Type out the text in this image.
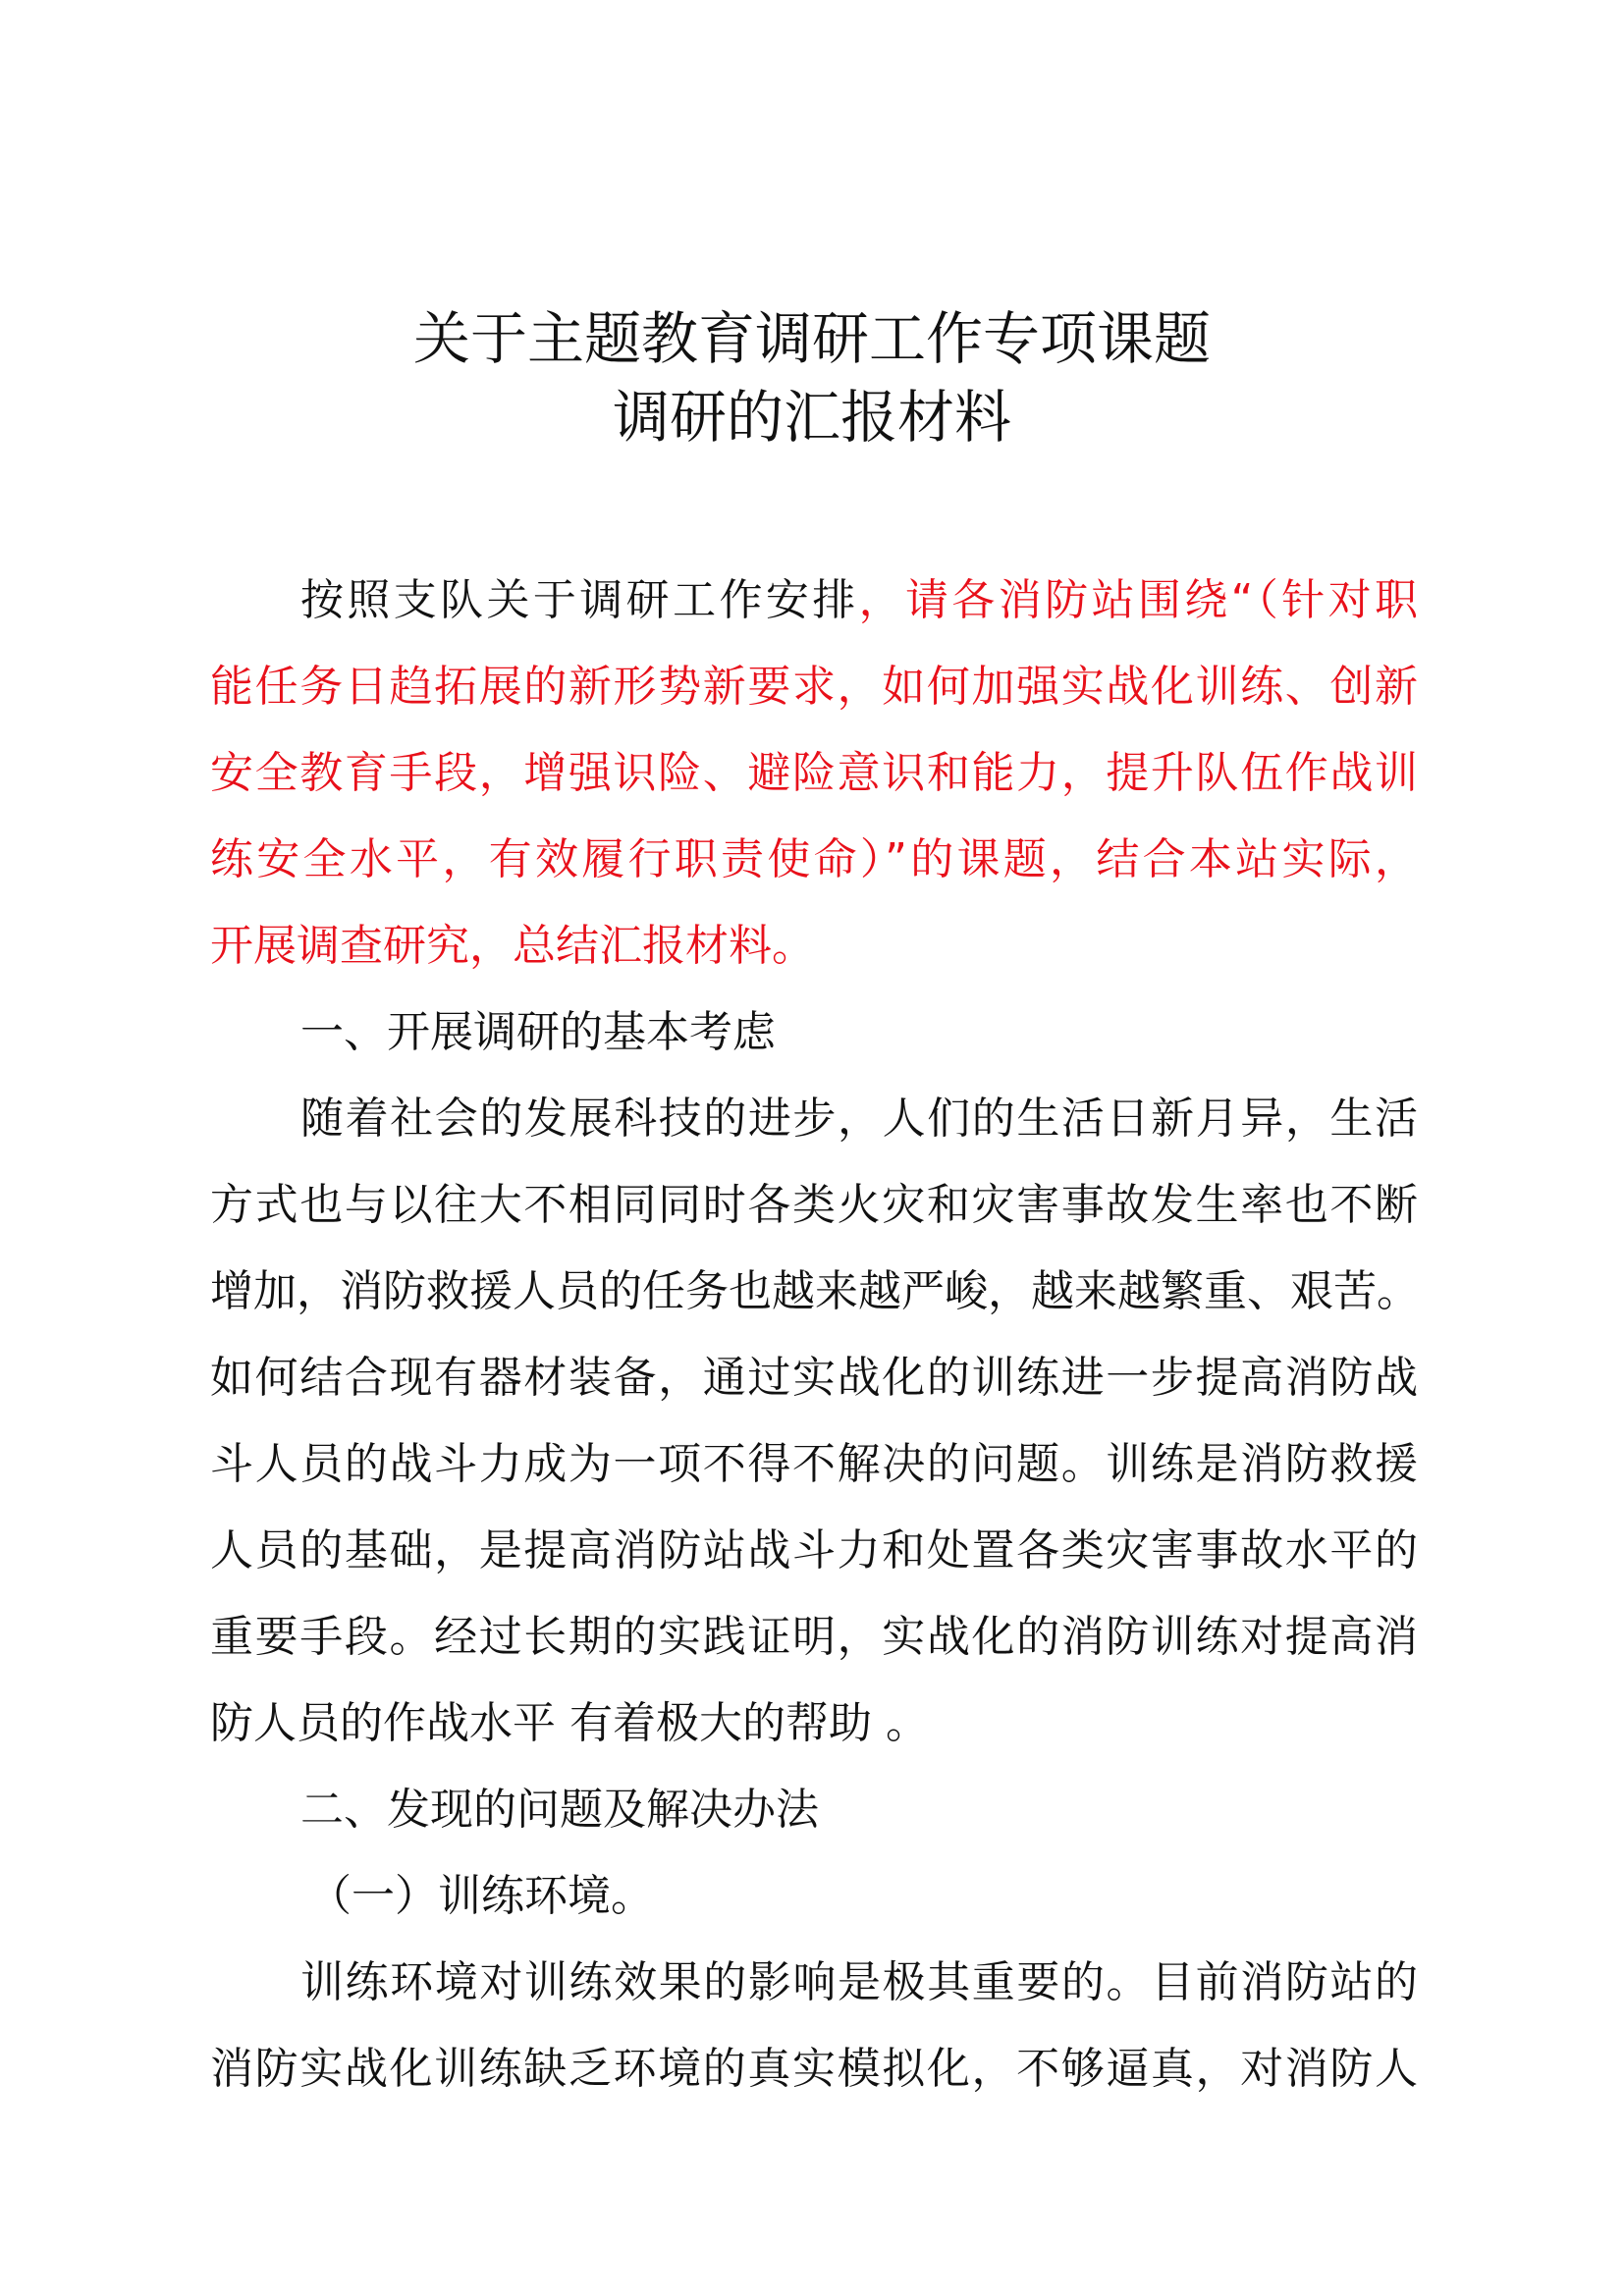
关于主题教育调研工作专项课题
调研的汇报材料
按照支队关于调研工作安排，请各消防站围绕“（针对职
能任务日趋拓展的新形势新要求，如何加强实战化训练、创新
安全教育手段，增强识险、避险意识和能力，提升队伍作战训
练安全水平，有效履行职责使命）”的课题，结合本站实际，
开展调查研究，总结汇报材料。
一、开展调研的基本考虑
随着社会的发展科技的进步，人们的生活日新月异，生活
方式也与以往大不相同同时各类火灾和灾害事故发生率也不断
增加，消防救援人员的任务也越来越严峻，越来越繁重、艰苦。
如何结合现有器材装备，通过实战化的训练进一步提高消防战
斗人员的战斗力成为一项不得不解决的问题。训练是消防救援
人员的基础，是提高消防站战斗力和处置各类灾害事故水平的
重要手段。经过长期的实践证明，实战化的消防训练对提高消
防人员的作战水平 有着极大的帮助 。
二、发现的问题及解决办法
（一）训练环境。
训练环境对训练效果的影响是极其重要的。目前消防站的
消防实战化训练缺乏环境的真实模拟化，不够逼真，对消防人
